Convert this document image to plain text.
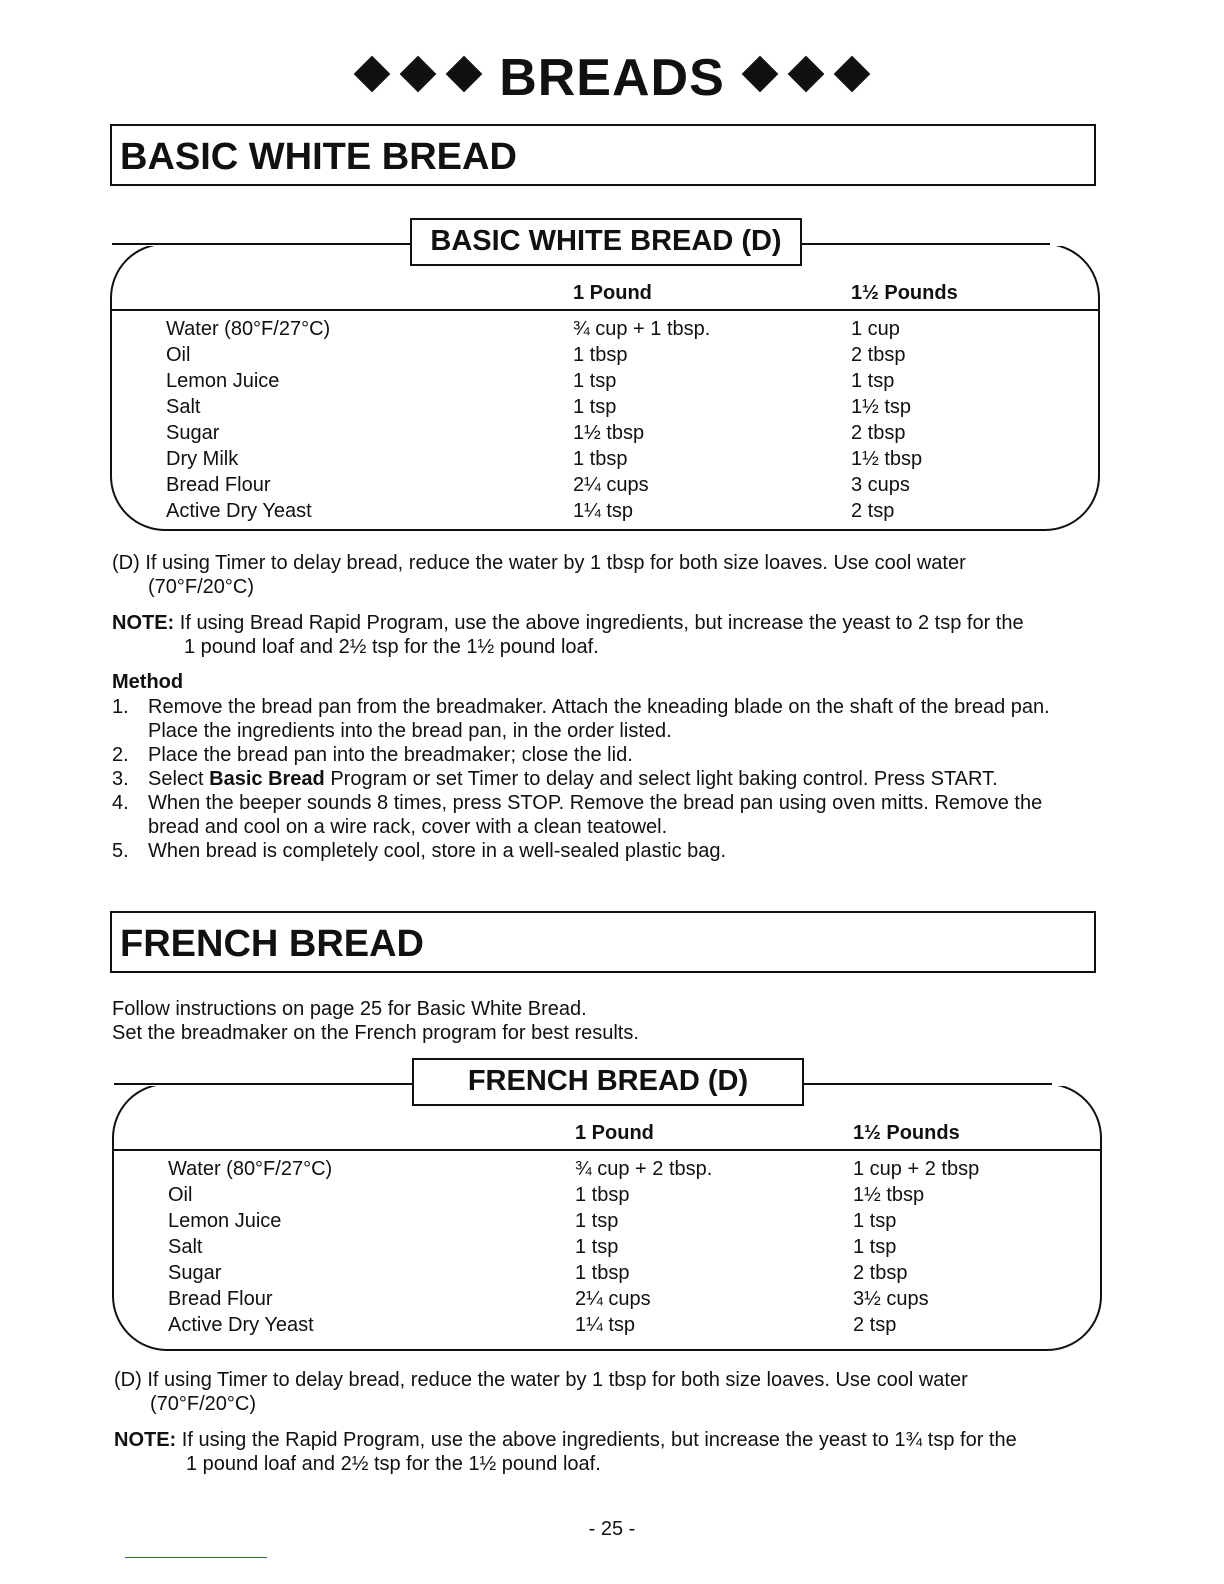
BREADS
BASIC WHITE BREAD
BASIC WHITE BREAD (D)
1 Pound	1½ Pounds
Water (80°F/27°C)
Oil
Lemon Juice
Salt
Sugar
Dry Milk
Bread Flour
Active Dry Yeast
¾ cup + 1 tbsp.
1 tbsp
1 tsp
1 tsp
1½ tbsp
1 tbsp
2¼ cups
1¼ tsp
1 cup
2 tbsp
1 tsp
1½ tsp
2 tbsp
1½ tbsp
3 cups
2 tsp
(D) If using Timer to delay bread, reduce the water by 1 tbsp for both size loaves. Use cool water
(70°F/20°C)
NOTE: If using Bread Rapid Program, use the above ingredients, but increase the yeast to 2 tsp for the
1 pound loaf and 2½ tsp for the 1½ pound loaf.
Method
1. Remove the bread pan from the breadmaker. Attach the kneading blade on the shaft of the bread pan. Place the ingredients into the bread pan, in the order listed.
2. Place the bread pan into the breadmaker; close the lid.
3. Select Basic Bread Program or set Timer to delay and select light baking control. Press START.
4. When the beeper sounds 8 times, press STOP. Remove the bread pan using oven mitts. Remove the bread and cool on a wire rack, cover with a clean teatowel.
5. When bread is completely cool, store in a well-sealed plastic bag.
FRENCH BREAD
Follow instructions on page 25 for Basic White Bread.
Set the breadmaker on the French program for best results.
FRENCH BREAD (D)
1 Pound	1½ Pounds
Water (80°F/27°C)
Oil
Lemon Juice
Salt
Sugar
Bread Flour
Active Dry Yeast
¾ cup + 2 tbsp.
1 tbsp
1 tsp
1 tsp
1 tbsp
2¼ cups
1¼ tsp
1 cup + 2 tbsp
1½ tbsp
1 tsp
1 tsp
2 tbsp
3½ cups
2 tsp
(D) If using Timer to delay bread, reduce the water by 1 tbsp for both size loaves. Use cool water
(70°F/20°C)
NOTE: If using the Rapid Program, use the above ingredients, but increase the yeast to 1¾ tsp for the
1 pound loaf and 2½ tsp for the 1½ pound loaf.
- 25 -
